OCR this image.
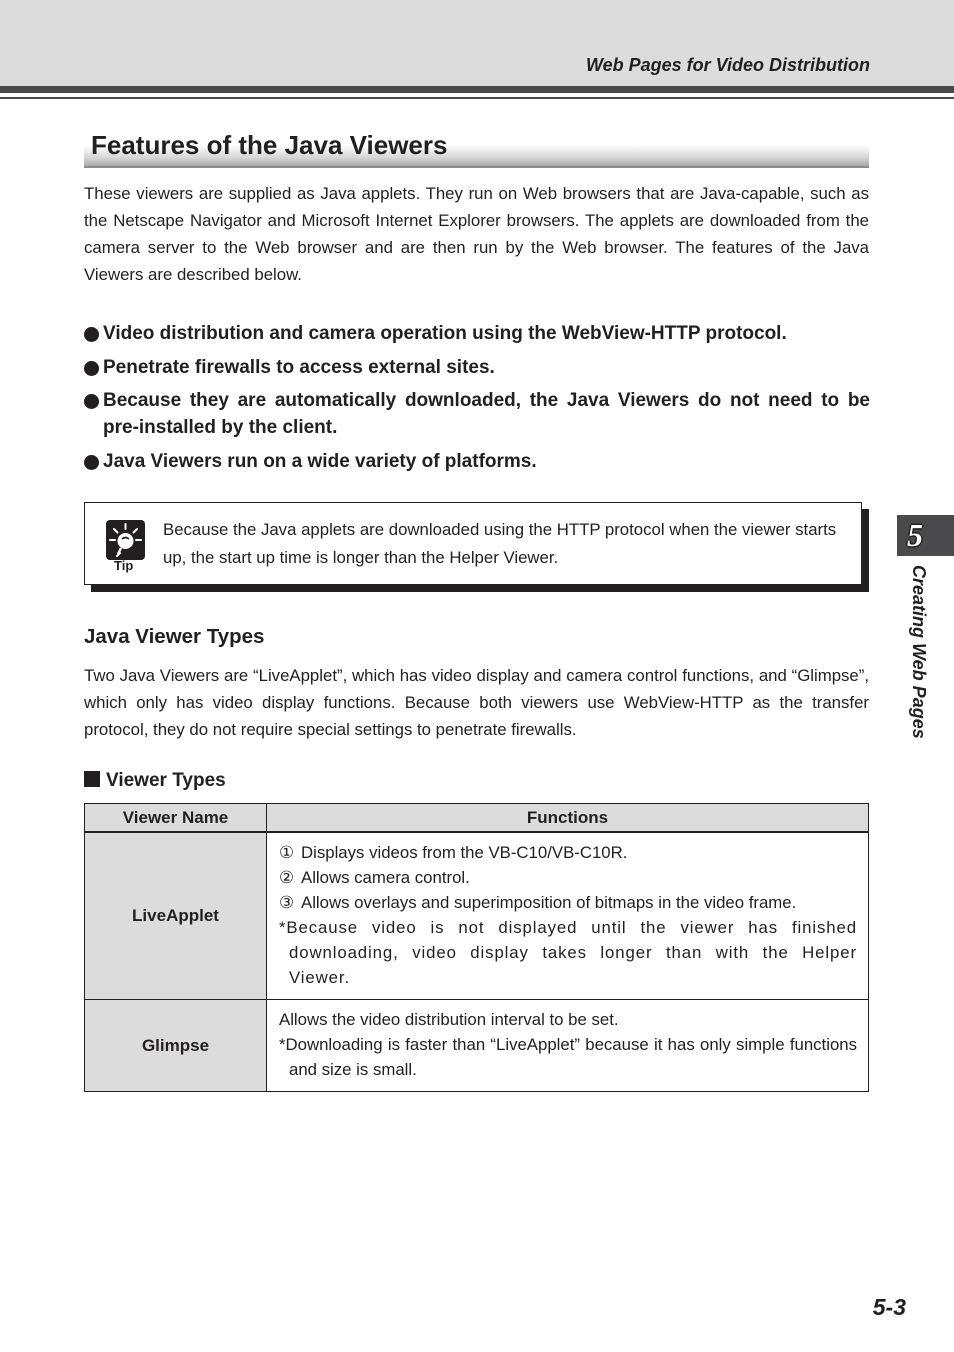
Web Pages for Video Distribution
Features of the Java Viewers

These viewers are supplied as Java applets. They run on Web browsers that are Java-capable, such as the Netscape Navigator and Microsoft Internet Explorer browsers. The applets are downloaded from the camera server to the Web browser and are then run by the Web browser. The features of the Java Viewers are described below.

Video distribution and camera operation using the WebView-HTTP protocol.
Penetrate firewalls to access external sites.
Because they are automatically downloaded, the Java Viewers do not need to be pre-installed by the client.
Java Viewers run on a wide variety of platforms.
Tip
Because the Java applets are downloaded using the HTTP protocol when the viewer starts up, the start up time is longer than the Helper Viewer.
Java Viewer Types

Two Java Viewers are “LiveApplet”, which has video display and camera control functions, and “Glimpse”, which only has video display functions. Because both viewers use WebView-HTTP as the transfer protocol, they do not require special settings to penetrate firewalls.

Viewer Types
Viewer Name	Functions
LiveApplet	① Displays videos from the VB-C10/VB-C10R.
② Allows camera control.
③ Allows overlays and superimposition of bitmaps in the video frame.
*Because video is not displayed until the viewer has finished downloading, video display takes longer than with the Helper Viewer.

Glimpse	Allows the video distribution interval to be set.
*Downloading is faster than “LiveApplet” because it has only simple functions and size is small.
5
Creating Web Pages
5-3
